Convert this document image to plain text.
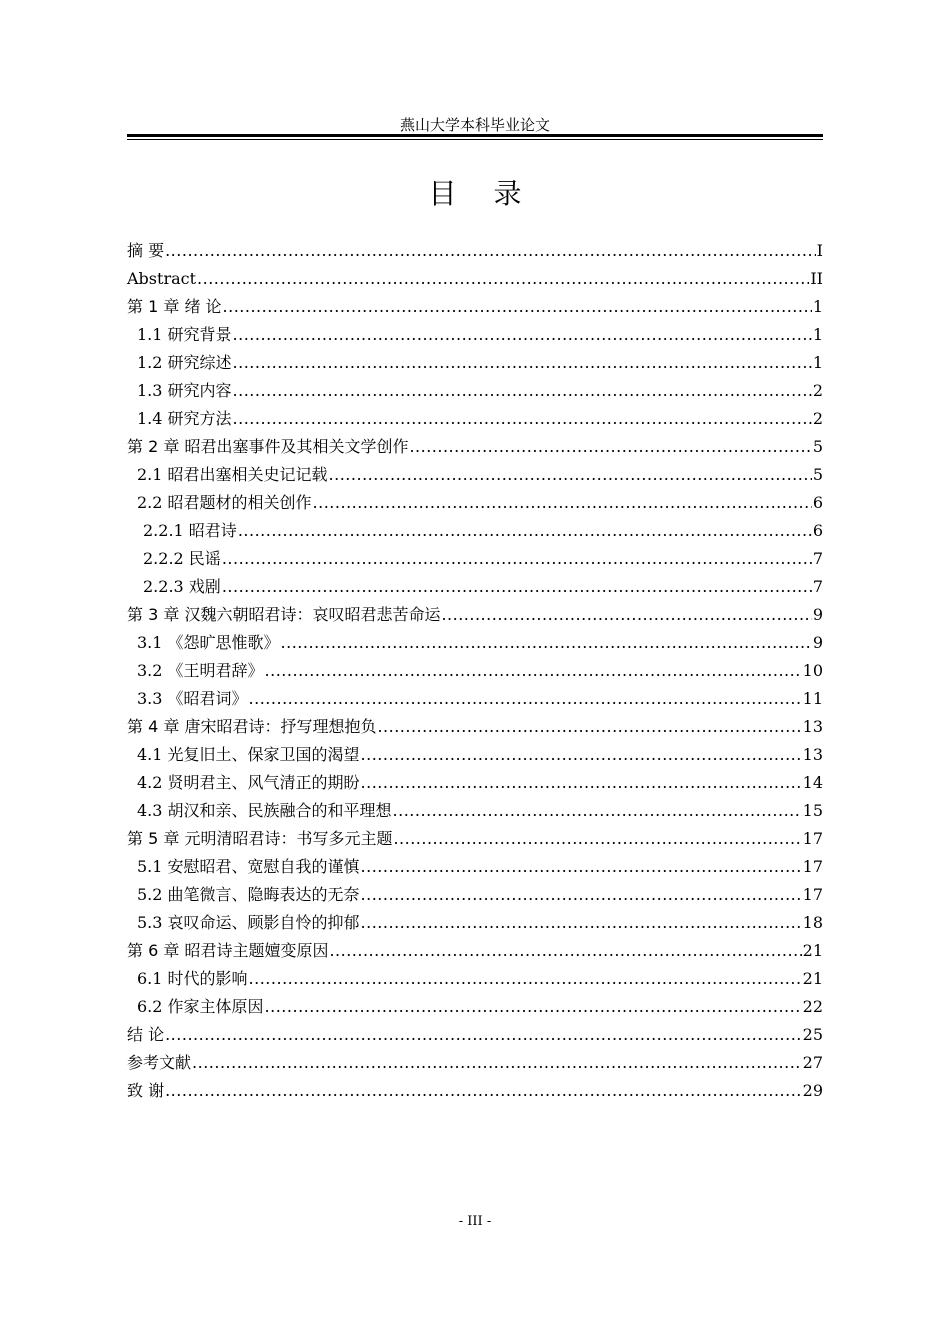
燕山大学本科毕业论文
目 录
摘 要 .....	I
Abstract .....	II
第 1 章 绪 论 .....	1
1.1 研究背景 .....	1
1.2 研究综述 .....	1
1.3 研究内容 .....	2
1.4 研究方法 .....	2
第 2 章 昭君出塞事件及其相关文学创作 .....	5
2.1 昭君出塞相关史记记载 .....	5
2.2 昭君题材的相关创作 .....	6
2.2.1 昭君诗 .....	6
2.2.2 民谣 .....	7
2.2.3 戏剧 .....	7
第 3 章 汉魏六朝昭君诗：哀叹昭君悲苦命运 .....	9
3.1 《怨旷思惟歌》 .....	9
3.2 《王明君辞》 .....	10
3.3 《昭君词》 .....	11
第 4 章 唐宋昭君诗：抒写理想抱负 .....	13
4.1 光复旧土、保家卫国的渴望 .....	13
4.2 贤明君主、风气清正的期盼 .....	14
4.3 胡汉和亲、民族融合的和平理想 .....	15
第 5 章 元明清昭君诗：书写多元主题 .....	17
5.1 安慰昭君、宽慰自我的谨慎 .....	17
5.2 曲笔微言、隐晦表达的无奈 .....	17
5.3 哀叹命运、顾影自怜的抑郁 .....	18
第 6 章 昭君诗主题嬗变原因 .....	21
6.1 时代的影响 .....	21
6.2 作家主体原因 .....	22
结 论 .....	25
参考文献 .....	27
致 谢 .....	29
- III -
